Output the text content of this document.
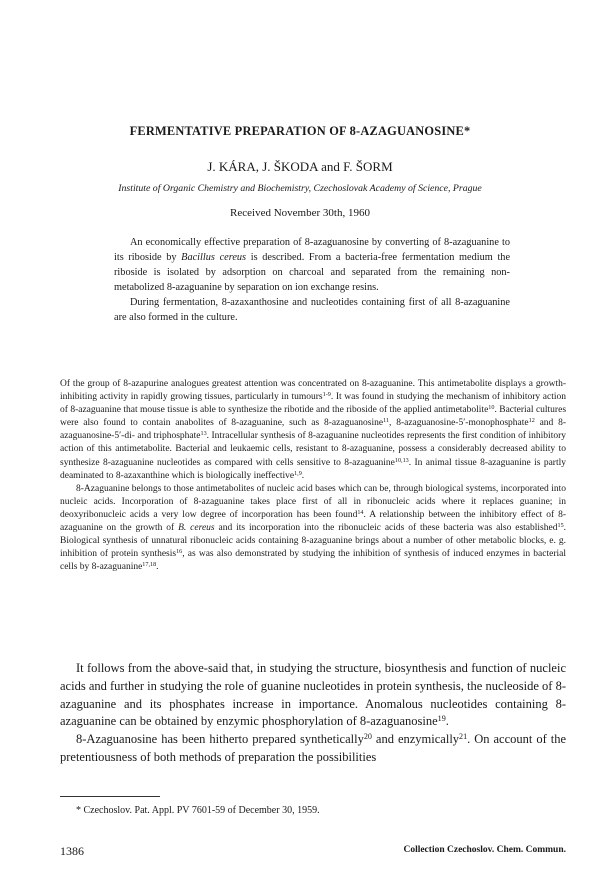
FERMENTATIVE PREPARATION OF 8-AZAGUANOSINE*
J. KÁRA, J. ŠKODA and F. ŠORM
Institute of Organic Chemistry and Biochemistry, Czechoslovak Academy of Science, Prague
Received November 30th, 1960

An economically effective preparation of 8-azaguanosine by converting of 8-azaguanine to its riboside by Bacillus cereus is described. From a bacteria-free fermentation medium the riboside is isolated by adsorption on charcoal and separated from the remaining non-metabolized 8-azaguanine by separation on ion exchange resins.

During fermentation, 8-azaxanthosine and nucleotides containing first of all 8-azaguanine are also formed in the culture.

Of the group of 8-azapurine analogues greatest attention was concentrated on 8-azaguanine. This antimetabolite displays a growth-inhibiting activity in rapidly growing tissues, particularly in tumours$^{1-9}$. It was found in studying the mechanism of inhibitory action of 8-azaguanine that mouse tissue is able to synthesize the ribotide and the riboside of the applied antimetabolite$^{10}$. Bacterial cultures were also found to contain anabolites of 8-azaguanine, such as 8-azaguanosine$^{11}$, 8-azaguanosine-5′-monophosphate$^{12}$ and 8-azaguanosine-5′-di- and triphosphate$^{13}$. Intracellular synthesis of 8-azaguanine nucleotides represents the first condition of inhibitory action of this antimetabolite. Bacterial and leukaemic cells, resistant to 8-azaguanine, possess a considerably decreased ability to synthesize 8-azaguanine nucleotides as compared with cells sensitive to 8-azaguanine$^{10,13}$. In animal tissue 8-azaguanine is partly deaminated to 8-azaxanthine which is biologically ineffective$^{1,9}$.

8-Azaguanine belongs to those antimetabolites of nucleic acid bases which can be, through biological systems, incorporated into nucleic acids. Incorporation of 8-azaguanine takes place first of all in ribonucleic acids where it replaces guanine; in deoxyribonucleic acids a very low degree of incorporation has been found$^{14}$. A relationship between the inhibitory effect of 8-azaguanine on the growth of B. cereus and its incorporation into the ribonucleic acids of these bacteria was also established$^{15}$. Biological synthesis of unnatural ribonucleic acids containing 8-azaguanine brings about a number of other metabolic blocks, e. g. inhibition of protein synthesis$^{16}$, as was also demonstrated by studying the inhibition of synthesis of induced enzymes in bacterial cells by 8-azaguanine$^{17,18}$.

It follows from the above-said that, in studying the structure, biosynthesis and function of nucleic acids and further in studying the role of guanine nucleotides in protein synthesis, the nucleoside of 8-azaguanine and its phosphates increase in importance. Anomalous nucleotides containing 8-azaguanine can be obtained by enzymic phosphorylation of 8-azaguanosine$^{19}$.

8-Azaguanosine has been hitherto prepared synthetically$^{20}$ and enzymically$^{21}$. On account of the pretentiousness of both methods of preparation the possibilities

* Czechoslov. Pat. Appl. PV 7601-59 of December 30, 1959.
1386	Collection Czechoslov. Chem. Commun.
